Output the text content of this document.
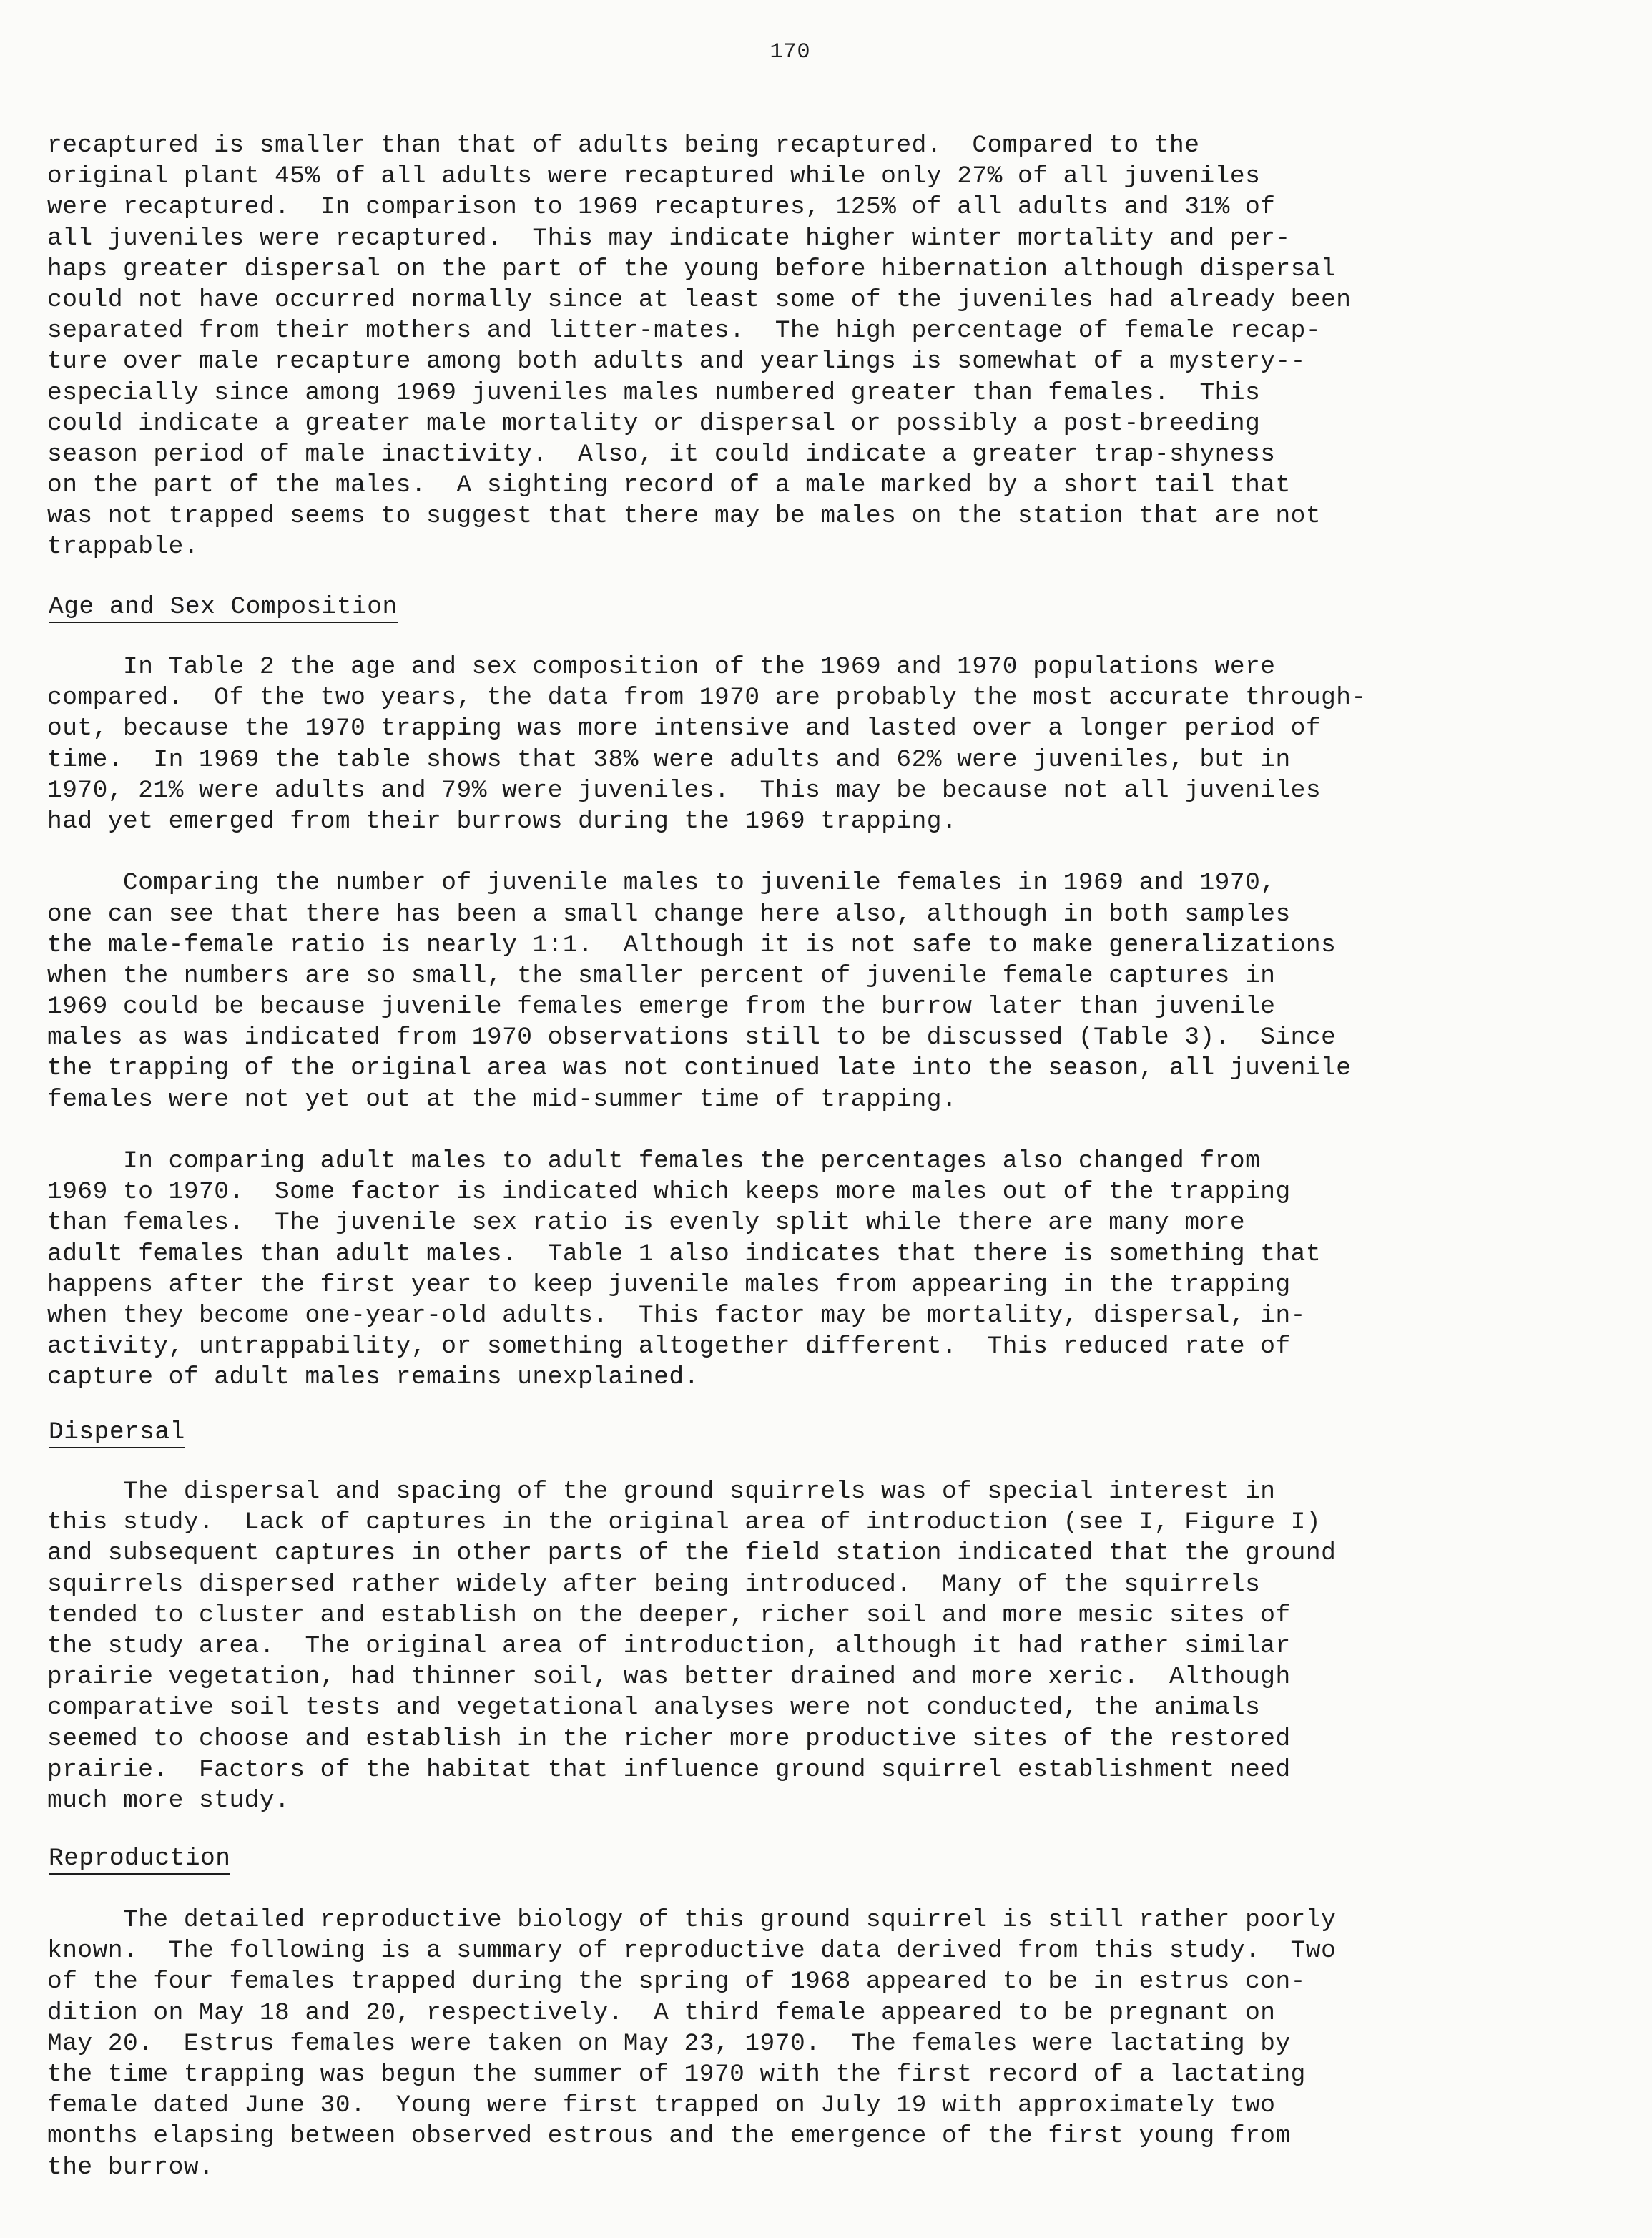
170
recaptured is smaller than that of adults being recaptured.  Compared to the
original plant 45% of all adults were recaptured while only 27% of all juveniles
were recaptured.  In comparison to 1969 recaptures, 125% of all adults and 31% of
all juveniles were recaptured.  This may indicate higher winter mortality and per-
haps greater dispersal on the part of the young before hibernation although dispersal
could not have occurred normally since at least some of the juveniles had already been
separated from their mothers and litter-mates.  The high percentage of female recap-
ture over male recapture among both adults and yearlings is somewhat of a mystery--
especially since among 1969 juveniles males numbered greater than females.  This
could indicate a greater male mortality or dispersal or possibly a post-breeding
season period of male inactivity.  Also, it could indicate a greater trap-shyness
on the part of the males.  A sighting record of a male marked by a short tail that
was not trapped seems to suggest that there may be males on the station that are not
trappable.
Age and Sex Composition
In Table 2 the age and sex composition of the 1969 and 1970 populations were
compared.  Of the two years, the data from 1970 are probably the most accurate through-
out, because the 1970 trapping was more intensive and lasted over a longer period of
time.  In 1969 the table shows that 38% were adults and 62% were juveniles, but in
1970, 21% were adults and 79% were juveniles.  This may be because not all juveniles
had yet emerged from their burrows during the 1969 trapping.
Comparing the number of juvenile males to juvenile females in 1969 and 1970,
one can see that there has been a small change here also, although in both samples
the male-female ratio is nearly 1:1.  Although it is not safe to make generalizations
when the numbers are so small, the smaller percent of juvenile female captures in
1969 could be because juvenile females emerge from the burrow later than juvenile
males as was indicated from 1970 observations still to be discussed (Table 3).  Since
the trapping of the original area was not continued late into the season, all juvenile
females were not yet out at the mid-summer time of trapping.
In comparing adult males to adult females the percentages also changed from
1969 to 1970.  Some factor is indicated which keeps more males out of the trapping
than females.  The juvenile sex ratio is evenly split while there are many more
adult females than adult males.  Table 1 also indicates that there is something that
happens after the first year to keep juvenile males from appearing in the trapping
when they become one-year-old adults.  This factor may be mortality, dispersal, in-
activity, untrappability, or something altogether different.  This reduced rate of
capture of adult males remains unexplained.
Dispersal
The dispersal and spacing of the ground squirrels was of special interest in
this study.  Lack of captures in the original area of introduction (see I, Figure I)
and subsequent captures in other parts of the field station indicated that the ground
squirrels dispersed rather widely after being introduced.  Many of the squirrels
tended to cluster and establish on the deeper, richer soil and more mesic sites of
the study area.  The original area of introduction, although it had rather similar
prairie vegetation, had thinner soil, was better drained and more xeric.  Although
comparative soil tests and vegetational analyses were not conducted, the animals
seemed to choose and establish in the richer more productive sites of the restored
prairie.  Factors of the habitat that influence ground squirrel establishment need
much more study.
Reproduction
The detailed reproductive biology of this ground squirrel is still rather poorly
known.  The following is a summary of reproductive data derived from this study.  Two
of the four females trapped during the spring of 1968 appeared to be in estrus con-
dition on May 18 and 20, respectively.  A third female appeared to be pregnant on
May 20.  Estrus females were taken on May 23, 1970.  The females were lactating by
the time trapping was begun the summer of 1970 with the first record of a lactating
female dated June 30.  Young were first trapped on July 19 with approximately two
months elapsing between observed estrous and the emergence of the first young from
the burrow.
